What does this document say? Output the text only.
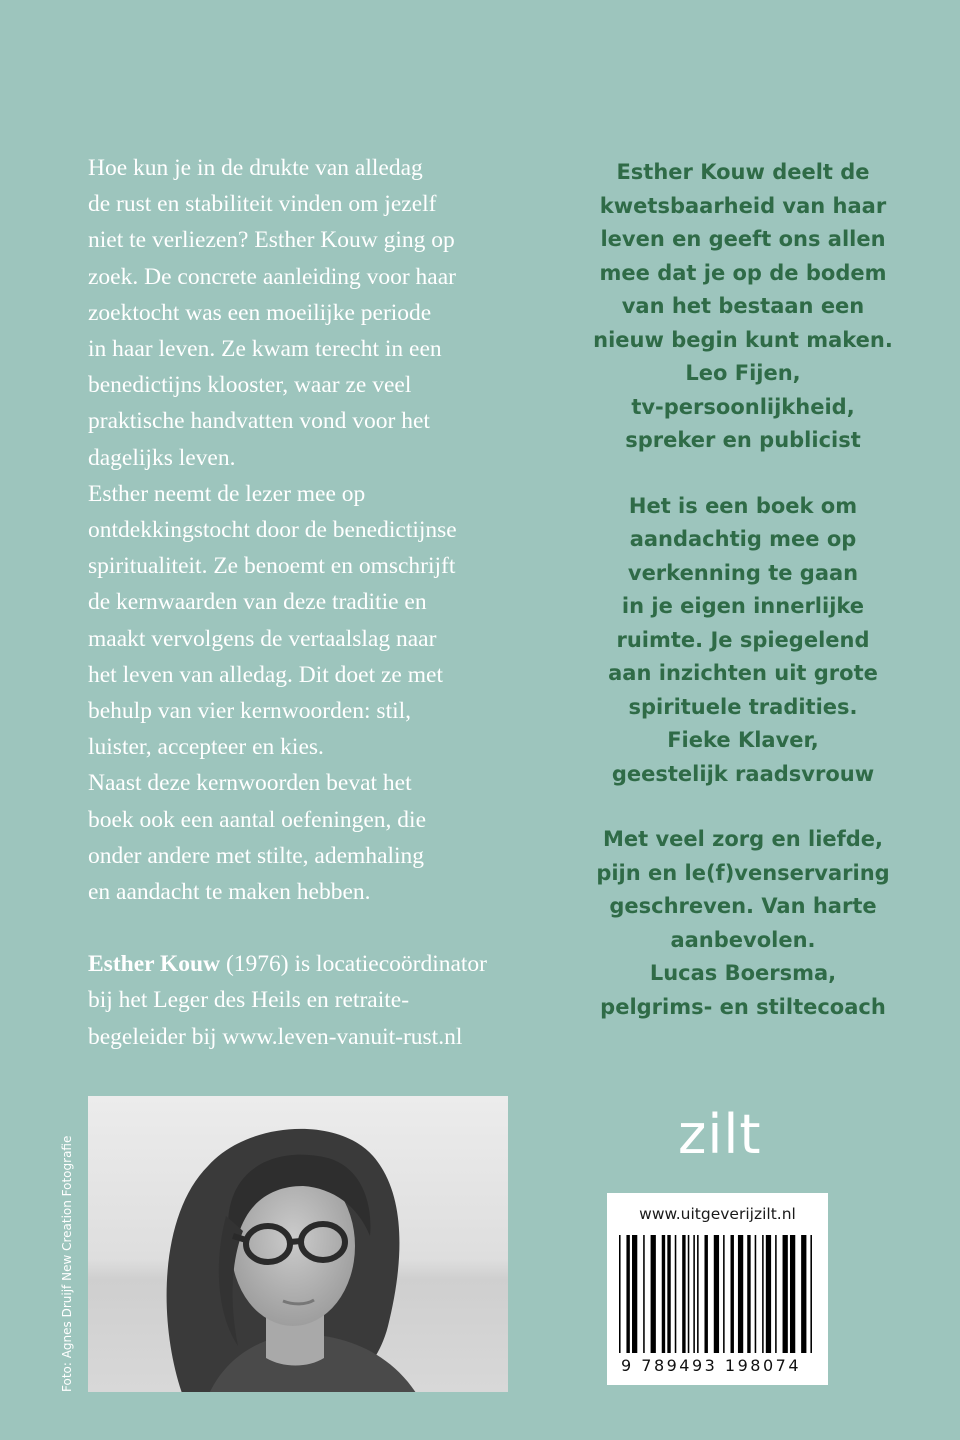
Hoe kun je in de drukte van alledag
de rust en stabiliteit vinden om jezelf
niet te verliezen? Esther Kouw ging op
zoek. De concrete aanleiding voor haar
zoektocht was een moeilijke periode
in haar leven. Ze kwam terecht in een
benedictijns klooster, waar ze veel
praktische handvatten vond voor het
dagelijks leven.

Esther neemt de lezer mee op
ontdekkingstocht door de benedictijnse
spiritualiteit. Ze benoemt en omschrijft
de kernwaarden van deze traditie en
maakt vervolgens de vertaalslag naar
het leven van alledag. Dit doet ze met
behulp van vier kernwoorden: stil,
luister, accepteer en kies.

Naast deze kernwoorden bevat het
boek ook een aantal oefeningen, die
onder andere met stilte, ademhaling
en aandacht te maken hebben.

Esther Kouw (1976) is locatiecoördinator
bij het Leger des Heils en retraite-
begeleider bij www.leven-vanuit-rust.nl

Esther Kouw deelt de
kwetsbaarheid van haar
leven en geeft ons allen
mee dat je op de bodem
van het bestaan een
nieuw begin kunt maken.
Leo Fijen,
tv-persoonlijkheid,
spreker en publicist
Het is een boek om
aandachtig mee op
verkenning te gaan
in je eigen innerlijke
ruimte. Je spiegelend
aan inzichten uit grote
spirituele tradities.
Fieke Klaver,
geestelijk raadsvrouw
Met veel zorg en liefde,
pijn en le(f)venservaring
geschreven. Van harte
aanbevolen.
Lucas Boersma,
pelgrims- en stiltecoach
zilt
www.uitgeverijzilt.nl
9 789493 198074
Foto: Agnes Druijf New Creation Fotografie
